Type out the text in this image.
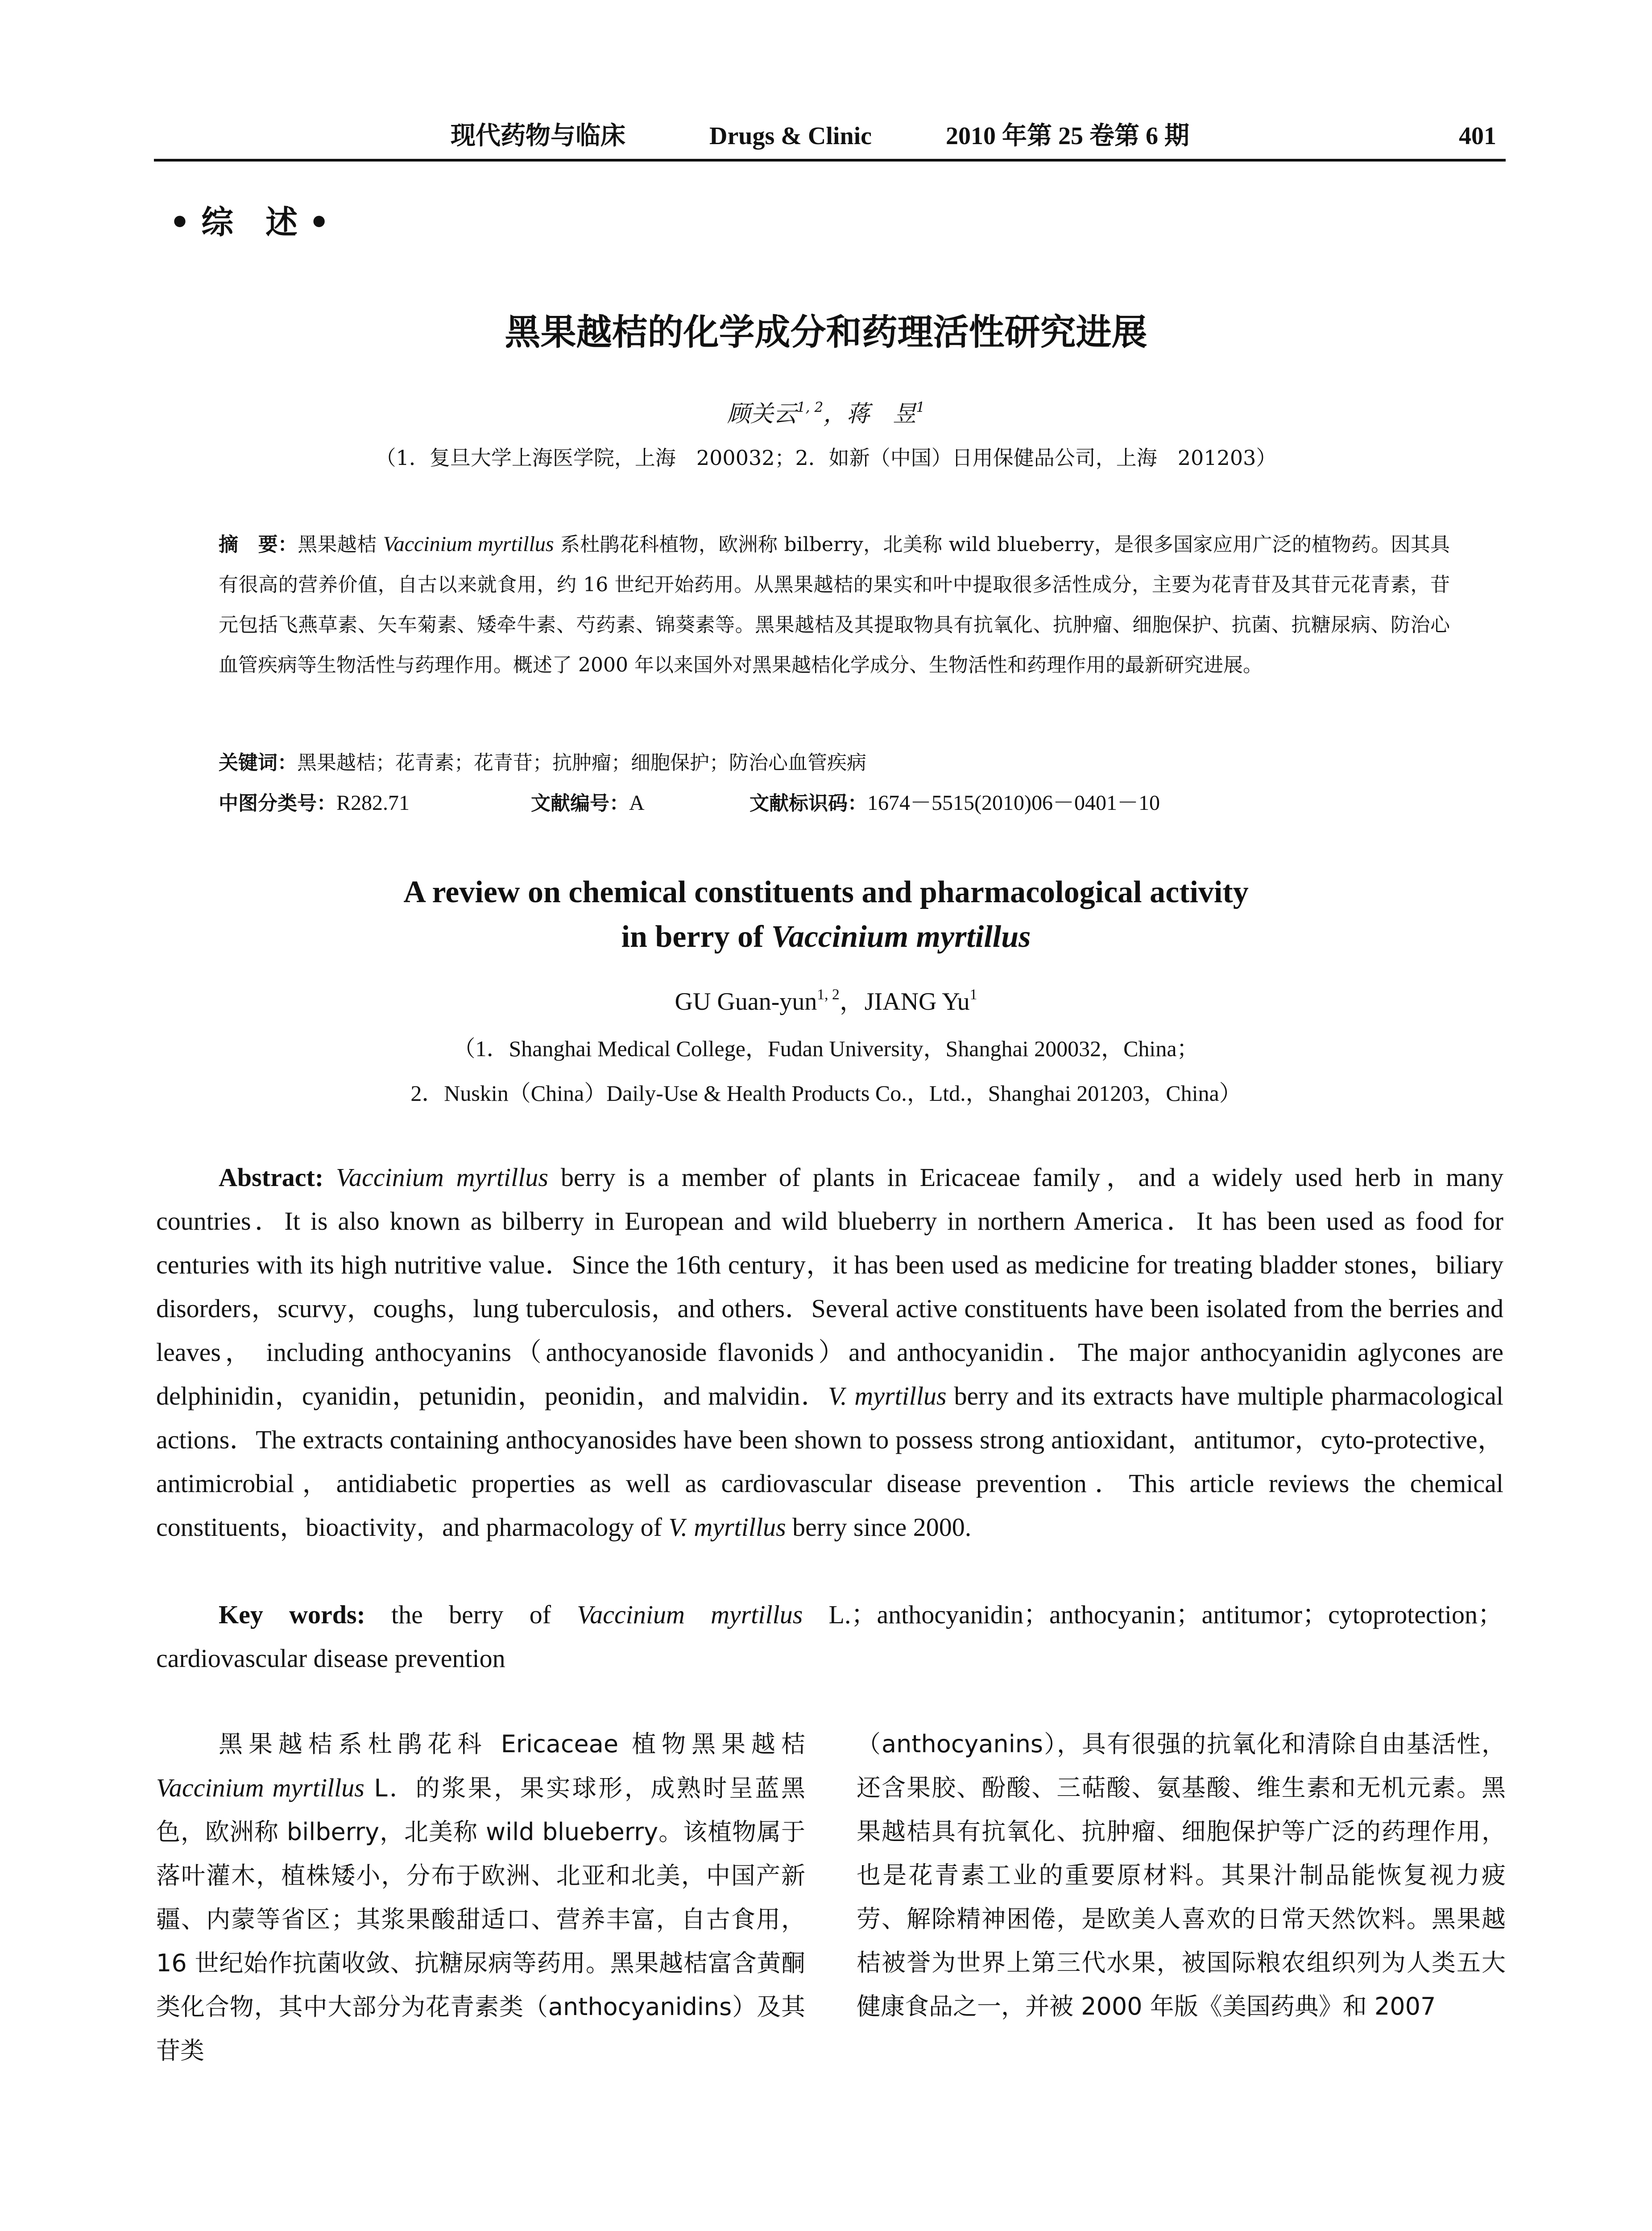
现代药物与临床	Drugs & Clinic	2010 年第 25 卷第 6 期	401
• 综　述 •
黑果越桔的化学成分和药理活性研究进展
顾关云$^{1, 2}$，蒋　昱$^1$
（1．复旦大学上海医学院，上海　200032；2．如新（中国）日用保健品公司，上海　201203）
摘　要：黑果越桔 Vaccinium myrtillus 系杜鹃花科植物，欧洲称 bilberry，北美称 wild blueberry，是很多国家应用广泛的植物药。因其具有很高的营养价值，自古以来就食用，约 16 世纪开始药用。从黑果越桔的果实和叶中提取很多活性成分，主要为花青苷及其苷元花青素，苷元包括飞燕草素、矢车菊素、矮牵牛素、芍药素、锦葵素等。黑果越桔及其提取物具有抗氧化、抗肿瘤、细胞保护、抗菌、抗糖尿病、防治心血管疾病等生物活性与药理作用。概述了 2000 年以来国外对黑果越桔化学成分、生物活性和药理作用的最新研究进展。
关键词：黑果越桔；花青素；花青苷；抗肿瘤；细胞保护；防治心血管疾病
中图分类号：R282.71	文献编号：A	文献标识码：1674－5515(2010)06－0401－10
A review on chemical constituents and pharmacological activity
in berry of Vaccinium myrtillus
GU Guan-yun$^{1, 2}$，JIANG Yu$^1$
（1．Shanghai Medical College，Fudan University，Shanghai 200032，China；
2．Nuskin（China）Daily-Use & Health Products Co.，Ltd.，Shanghai 201203，China）
Abstract: Vaccinium myrtillus berry is a member of plants in Ericaceae family，and a widely used herb in many countries．It is also known as bilberry in European and wild blueberry in northern America．It has been used as food for centuries with its high nutritive value．Since the 16th century，it has been used as medicine for treating bladder stones，biliary disorders，scurvy，coughs，lung tuberculosis，and others．Several active constituents have been isolated from the berries and leaves， including anthocyanins（anthocyanoside flavonids）and anthocyanidin．The major anthocyanidin aglycones are delphinidin，cyanidin，petunidin，peonidin，and malvidin．V. myrtillus berry and its extracts have multiple pharmacological actions．The extracts containing anthocyanosides have been shown to possess strong antioxidant，antitumor，cyto-protective，antimicrobial，antidiabetic properties as well as cardiovascular disease prevention．This article reviews the chemical constituents，bioactivity，and pharmacology of V. myrtillus berry since 2000.
Key words: the berry of Vaccinium myrtillus L.；anthocyanidin；anthocyanin；antitumor；cytoprotection；cardiovascular disease prevention
黑果越桔系杜鹃花科 Ericaceae 植物黑果越桔 Vaccinium myrtillus L．的浆果，果实球形，成熟时呈蓝黑色，欧洲称 bilberry，北美称 wild blueberry。该植物属于落叶灌木，植株矮小，分布于欧洲、北亚和北美，中国产新疆、内蒙等省区；其浆果酸甜适口、营养丰富，自古食用，16 世纪始作抗菌收敛、抗糖尿病等药用。黑果越桔富含黄酮类化合物，其中大部分为花青素类（anthocyanidins）及其苷类
（anthocyanins），具有很强的抗氧化和清除自由基活性，还含果胶、酚酸、三萜酸、氨基酸、维生素和无机元素。黑果越桔具有抗氧化、抗肿瘤、细胞保护等广泛的药理作用，也是花青素工业的重要原材料。其果汁制品能恢复视力疲劳、解除精神困倦，是欧美人喜欢的日常天然饮料。黑果越桔被誉为世界上第三代水果，被国际粮农组织列为人类五大健康食品之一，并被 2000 年版《美国药典》和 2007
